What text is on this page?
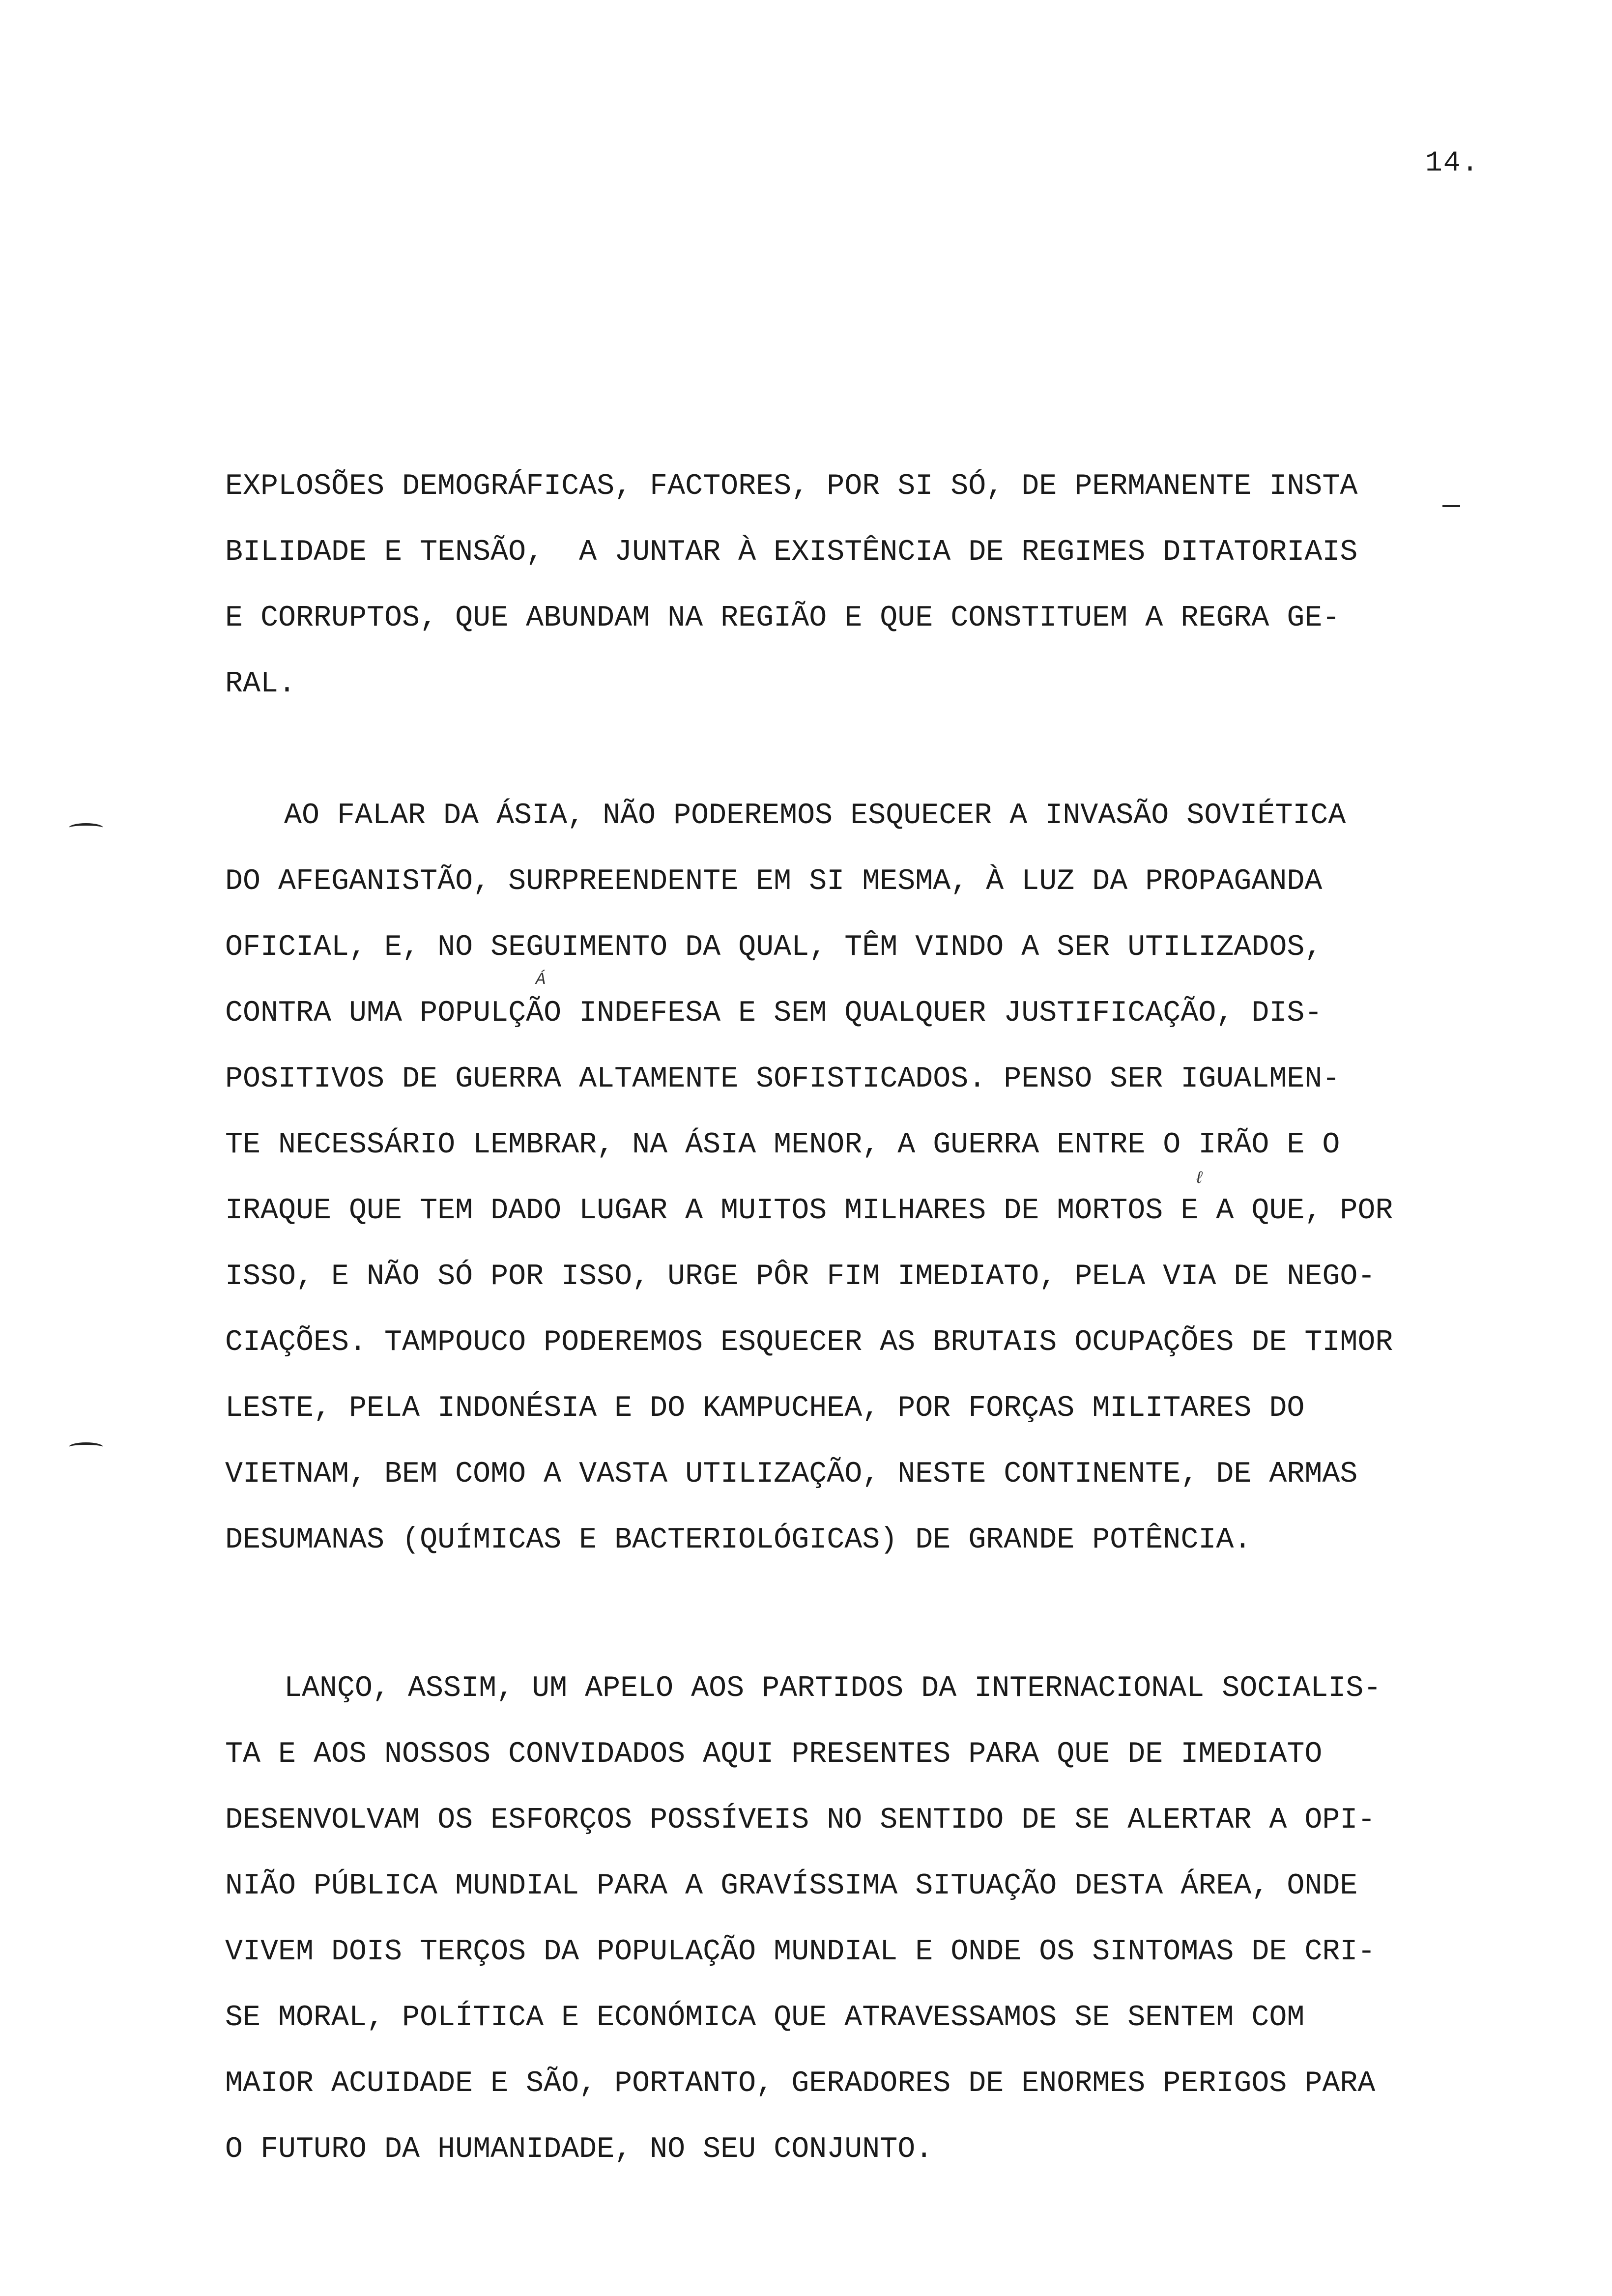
14.
EXPLOSÕES DEMOGRÁFICAS, FACTORES, POR SI SÓ, DE PERMANENTE INSTA
BILIDADE E TENSÃO,  A JUNTAR À EXISTÊNCIA DE REGIMES DITATORIAIS
E CORRUPTOS, QUE ABUNDAM NA REGIÃO E QUE CONSTITUEM A REGRA GE-
RAL.
AO FALAR DA ÁSIA, NÃO PODEREMOS ESQUECER A INVASÃO SOVIÉTICA
DO AFEGANISTÃO, SURPREENDENTE EM SI MESMA, À LUZ DA PROPAGANDA
OFICIAL, E, NO SEGUIMENTO DA QUAL, TÊM VINDO A SER UTILIZADOS,
Á
CONTRA UMA POPULÇÃO INDEFESA E SEM QUALQUER JUSTIFICAÇÃO, DIS-
POSITIVOS DE GUERRA ALTAMENTE SOFISTICADOS. PENSO SER IGUALMEN-
TE NECESSÁRIO LEMBRAR, NA ÁSIA MENOR, A GUERRA ENTRE O IRÃO E O
ℓ
IRAQUE QUE TEM DADO LUGAR A MUITOS MILHARES DE MORTOS E A QUE, POR
ISSO, E NÃO SÓ POR ISSO, URGE PÔR FIM IMEDIATO, PELA VIA DE NEGO-
CIAÇÕES. TAMPOUCO PODEREMOS ESQUECER AS BRUTAIS OCUPAÇÕES DE TIMOR
LESTE, PELA INDONÉSIA E DO KAMPUCHEA, POR FORÇAS MILITARES DO
VIETNAM, BEM COMO A VASTA UTILIZAÇÃO, NESTE CONTINENTE, DE ARMAS
DESUMANAS (QUÍMICAS E BACTERIOLÓGICAS) DE GRANDE POTÊNCIA.
LANÇO, ASSIM, UM APELO AOS PARTIDOS DA INTERNACIONAL SOCIALIS-
TA E AOS NOSSOS CONVIDADOS AQUI PRESENTES PARA QUE DE IMEDIATO
DESENVOLVAM OS ESFORÇOS POSSÍVEIS NO SENTIDO DE SE ALERTAR A OPI-
NIÃO PÚBLICA MUNDIAL PARA A GRAVÍSSIMA SITUAÇÃO DESTA ÁREA, ONDE
VIVEM DOIS TERÇOS DA POPULAÇÃO MUNDIAL E ONDE OS SINTOMAS DE CRI-
SE MORAL, POLÍTICA E ECONÓMICA QUE ATRAVESSAMOS SE SENTEM COM
MAIOR ACUIDADE E SÃO, PORTANTO, GERADORES DE ENORMES PERIGOS PARA
O FUTURO DA HUMANIDADE, NO SEU CONJUNTO.
